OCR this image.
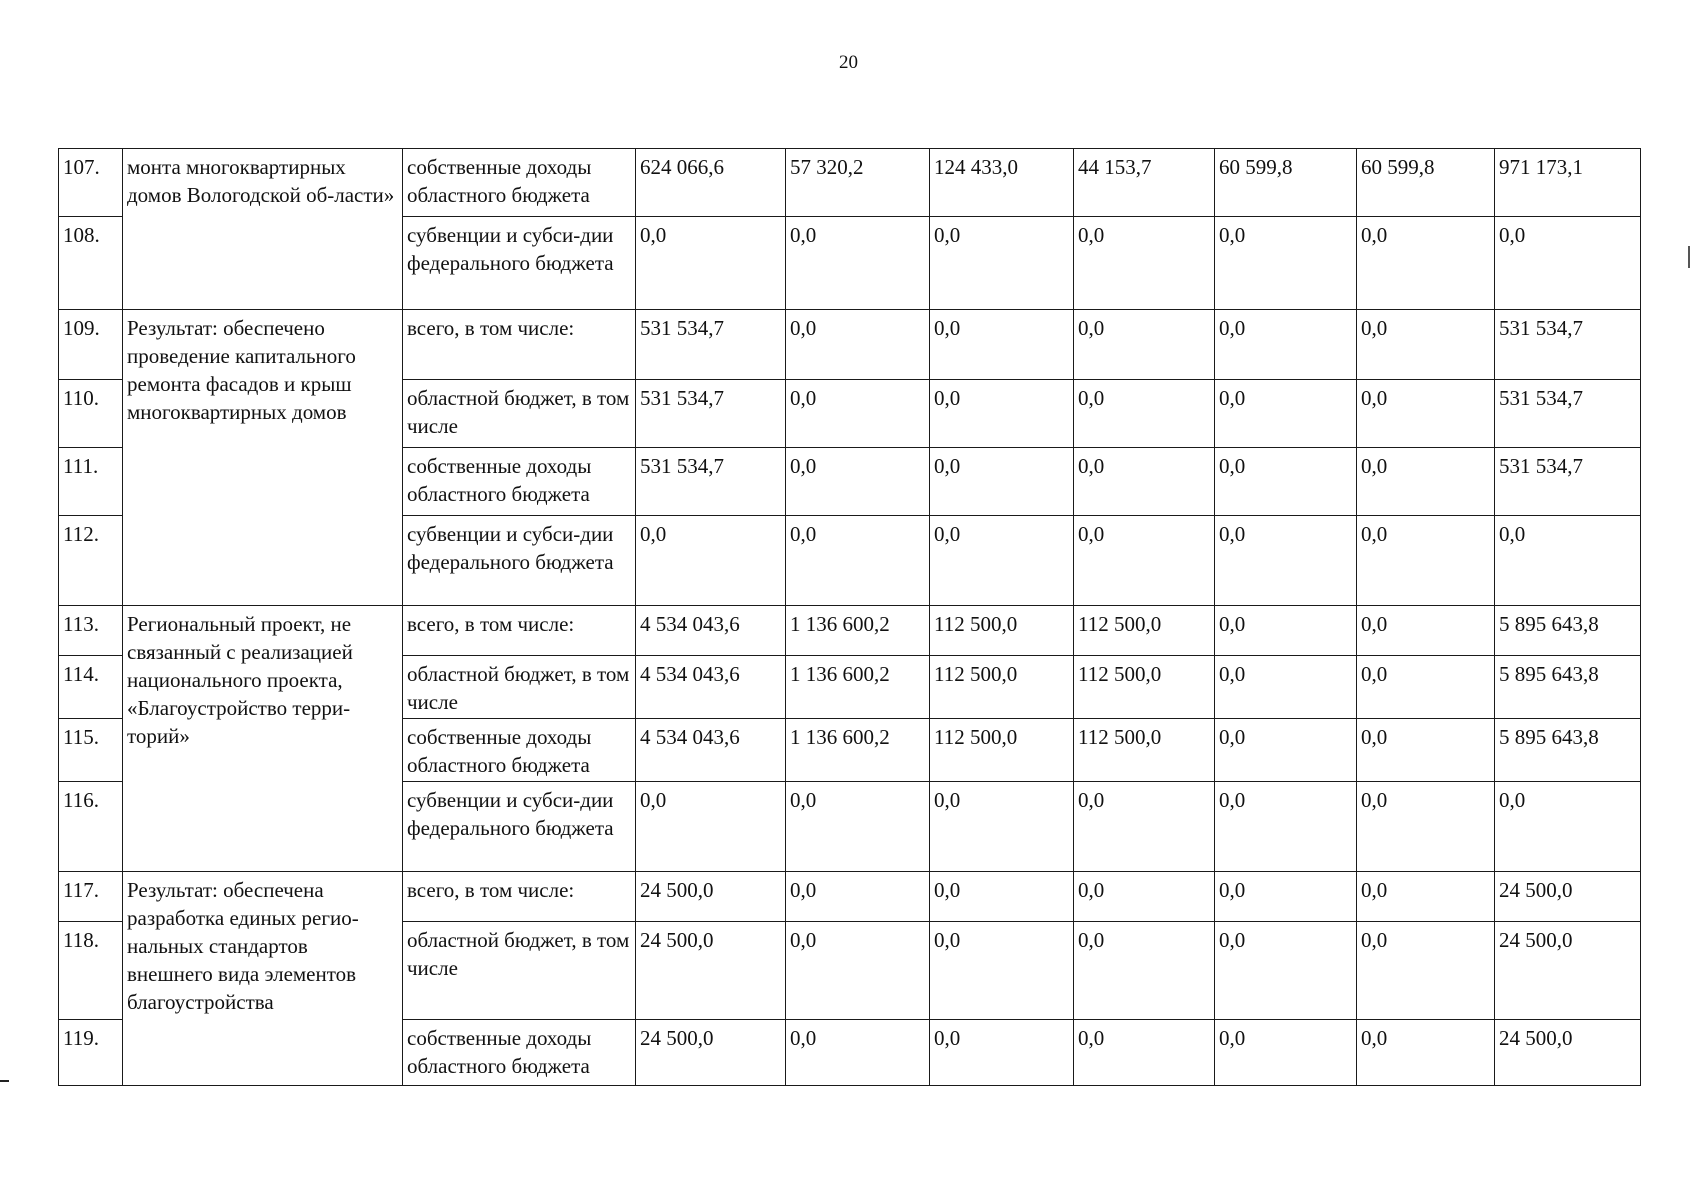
20
107.	монта многоквартирных домов Вологодской об-ласти»	собственные доходы областного бюджета	624 066,6	57 320,2	124 433,0	44 153,7	60 599,8	60 599,8	971 173,1
108.		субвенции и субси-дии федерального бюджета	0,0	0,0	0,0	0,0	0,0	0,0	0,0
109.	Результат: обеспечено проведение капитального ремонта фасадов и крыш многоквартирных домов	всего, в том числе:	531 534,7	0,0	0,0	0,0	0,0	0,0	531 534,7
110.		областной бюджет, в том числе	531 534,7	0,0	0,0	0,0	0,0	0,0	531 534,7
111.		собственные доходы областного бюджета	531 534,7	0,0	0,0	0,0	0,0	0,0	531 534,7
112.		субвенции и субси-дии федерального бюджета	0,0	0,0	0,0	0,0	0,0	0,0	0,0
113.	Региональный проект, не связанный с реализацией национального проекта, «Благоустройство терри-торий»	всего, в том числе:	4 534 043,6	1 136 600,2	112 500,0	112 500,0	0,0	0,0	5 895 643,8
114.		областной бюджет, в том числе	4 534 043,6	1 136 600,2	112 500,0	112 500,0	0,0	0,0	5 895 643,8
115.		собственные доходы областного бюджета	4 534 043,6	1 136 600,2	112 500,0	112 500,0	0,0	0,0	5 895 643,8
116.		субвенции и субси-дии федерального бюджета	0,0	0,0	0,0	0,0	0,0	0,0	0,0
117.	Результат: обеспечена разработка единых регио-нальных стандартов внешнего вида элементов благоустройства	всего, в том числе:	24 500,0	0,0	0,0	0,0	0,0	0,0	24 500,0
118.		областной бюджет, в том числе	24 500,0	0,0	0,0	0,0	0,0	0,0	24 500,0
119.		собственные доходы областного бюджета	24 500,0	0,0	0,0	0,0	0,0	0,0	24 500,0
